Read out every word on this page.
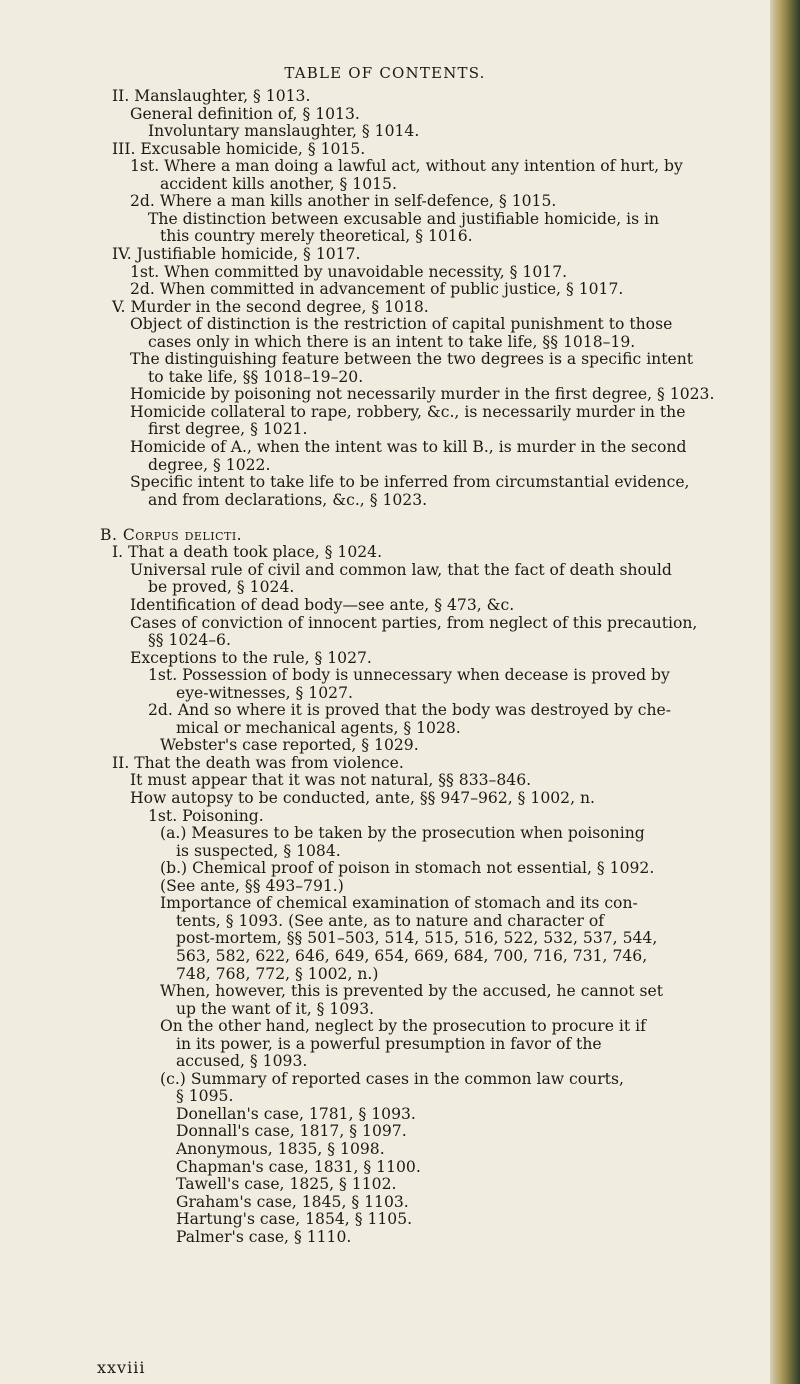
TABLE OF CONTENTS.
II. Manslaughter, § 1013.
General definition of, § 1013.
Involuntary manslaughter, § 1014.
III. Excusable homicide, § 1015.
1st. Where a man doing a lawful act, without any intention of hurt, by
accident kills another, § 1015.
2d. Where a man kills another in self-defence, § 1015.
The distinction between excusable and justifiable homicide, is in
this country merely theoretical, § 1016.
IV. Justifiable homicide, § 1017.
1st. When committed by unavoidable necessity, § 1017.
2d. When committed in advancement of public justice, § 1017.
V. Murder in the second degree, § 1018.
Object of distinction is the restriction of capital punishment to those
cases only in which there is an intent to take life, §§ 1018–19.
The distinguishing feature between the two degrees is a specific intent
to take life, §§ 1018–19–20.
Homicide by poisoning not necessarily murder in the first degree, § 1023.
Homicide collateral to rape, robbery, &c., is necessarily murder in the
first degree, § 1021.
Homicide of A., when the intent was to kill B., is murder in the second
degree, § 1022.
Specific intent to take life to be inferred from circumstantial evidence,
and from declarations, &c., § 1023.
B. Corpus delicti.
I. That a death took place, § 1024.
Universal rule of civil and common law, that the fact of death should
be proved, § 1024.
Identification of dead body—see ante, § 473, &c.
Cases of conviction of innocent parties, from neglect of this precaution,
§§ 1024–6.
Exceptions to the rule, § 1027.
1st. Possession of body is unnecessary when decease is proved by
eye-witnesses, § 1027.
2d. And so where it is proved that the body was destroyed by che-
mical or mechanical agents, § 1028.
Webster's case reported, § 1029.
II. That the death was from violence.
It must appear that it was not natural, §§ 833–846.
How autopsy to be conducted, ante, §§ 947–962, § 1002, n.
1st. Poisoning.
(a.) Measures to be taken by the prosecution when poisoning
is suspected, § 1084.
(b.) Chemical proof of poison in stomach not essential, § 1092.
(See ante, §§ 493–791.)
Importance of chemical examination of stomach and its con-
tents, § 1093. (See ante, as to nature and character of
post-mortem, §§ 501–503, 514, 515, 516, 522, 532, 537, 544,
563, 582, 622, 646, 649, 654, 669, 684, 700, 716, 731, 746,
748, 768, 772, § 1002, n.)
When, however, this is prevented by the accused, he cannot set
up the want of it, § 1093.
On the other hand, neglect by the prosecution to procure it if
in its power, is a powerful presumption in favor of the
accused, § 1093.
(c.) Summary of reported cases in the common law courts,
§ 1095.
Donellan's case, 1781, § 1093.
Donnall's case, 1817, § 1097.
Anonymous, 1835, § 1098.
Chapman's case, 1831, § 1100.
Tawell's case, 1825, § 1102.
Graham's case, 1845, § 1103.
Hartung's case, 1854, § 1105.
Palmer's case, § 1110.
xxviii
